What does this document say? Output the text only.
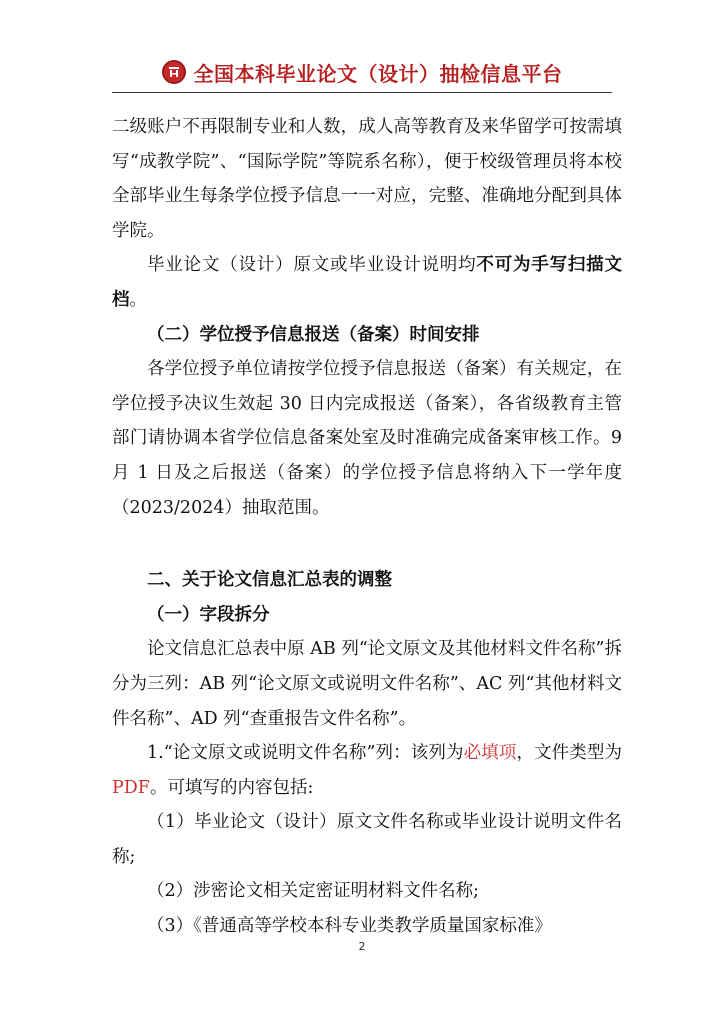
全国本科毕业论文（设计）抽检信息平台

二级账户不再限制专业和人数，成人高等教育及来华留学可按需填写“成教学院”、“国际学院”等院系名称），便于校级管理员将本校全部毕业生每条学位授予信息一一对应，完整、准确地分配到具体学院。

毕业论文（设计）原文或毕业设计说明均不可为手写扫描文档。

（二）学位授予信息报送（备案）时间安排

各学位授予单位请按学位授予信息报送（备案）有关规定，在学位授予决议生效起 30 日内完成报送（备案），各省级教育主管部门请协调本省学位信息备案处室及时准确完成备案审核工作。9 月 1 日及之后报送（备案）的学位授予信息将纳入下一学年度（2023/2024）抽取范围。

二、关于论文信息汇总表的调整

（一）字段拆分

论文信息汇总表中原 AB 列“论文原文及其他材料文件名称”拆分为三列：AB 列“论文原文或说明文件名称”、AC 列“其他材料文件名称”、AD 列“查重报告文件名称”。

1.“论文原文或说明文件名称”列：该列为必填项，文件类型为 PDF。可填写的内容包括:

（1）毕业论文（设计）原文文件名称或毕业设计说明文件名称;

（2）涉密论文相关定密证明材料文件名称;

（3）《普通高等学校本科专业类教学质量国家标准》

2
